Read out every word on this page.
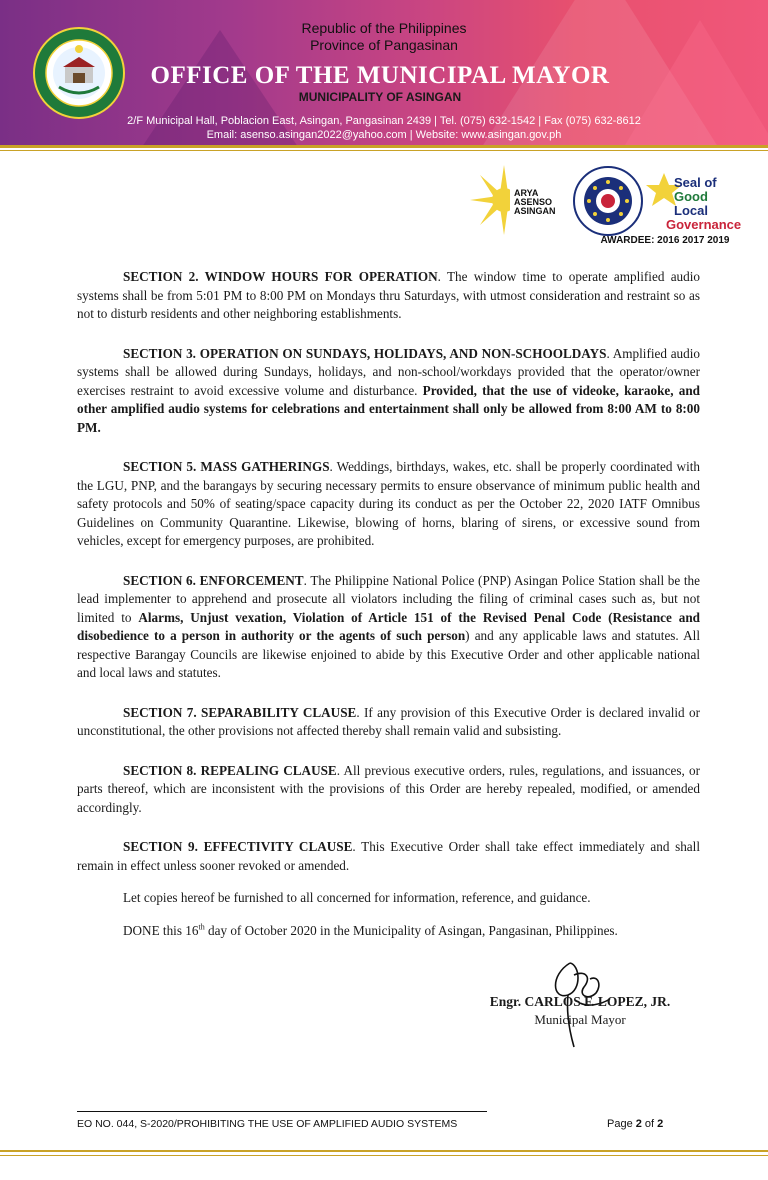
Republic of the Philippines
Province of Pangasinan
OFFICE OF THE MUNICIPAL MAYOR
MUNICIPALITY OF ASINGAN
2/F Municipal Hall, Poblacion East, Asingan, Pangasinan 2439 | Tel. (075) 632-1542 | Fax (075) 632-8612
Email: asenso.asingan2022@yahoo.com | Website: www.asingan.gov.ph
ARYA
ASENSO
ASINGAN
Seal of
Good
Local
Governance
AWARDEE: 2016 2017 2019

SECTION 2. WINDOW HOURS FOR OPERATION. The window time to operate amplified audio systems shall be from 5:01 PM to 8:00 PM on Mondays thru Saturdays, with utmost consideration and restraint so as not to disturb residents and other neighboring establishments.

SECTION 3. OPERATION ON SUNDAYS, HOLIDAYS, AND NON-SCHOOLDAYS. Amplified audio systems shall be allowed during Sundays, holidays, and non-school/workdays provided that the operator/owner exercises restraint to avoid excessive volume and disturbance. Provided, that the use of videoke, karaoke, and other amplified audio systems for celebrations and entertainment shall only be allowed from 8:00 AM to 8:00 PM.

SECTION 5. MASS GATHERINGS. Weddings, birthdays, wakes, etc. shall be properly coordinated with the LGU, PNP, and the barangays by securing necessary permits to ensure observance of minimum public health and safety protocols and 50% of seating/space capacity during its conduct as per the October 22, 2020 IATF Omnibus Guidelines on Community Quarantine. Likewise, blowing of horns, blaring of sirens, or excessive sound from vehicles, except for emergency purposes, are prohibited.

SECTION 6. ENFORCEMENT. The Philippine National Police (PNP) Asingan Police Station shall be the lead implementer to apprehend and prosecute all violators including the filing of criminal cases such as, but not limited to Alarms, Unjust vexation, Violation of Article 151 of the Revised Penal Code (Resistance and disobedience to a person in authority or the agents of such person) and any applicable laws and statutes. All respective Barangay Councils are likewise enjoined to abide by this Executive Order and other applicable national and local laws and statutes.

SECTION 7. SEPARABILITY CLAUSE. If any provision of this Executive Order is declared invalid or unconstitutional, the other provisions not affected thereby shall remain valid and subsisting.

SECTION 8. REPEALING CLAUSE. All previous executive orders, rules, regulations, and issuances, or parts thereof, which are inconsistent with the provisions of this Order are hereby repealed, modified, or amended accordingly.

SECTION 9. EFFECTIVITY CLAUSE. This Executive Order shall take effect immediately and shall remain in effect unless sooner revoked or amended.

Let copies hereof be furnished to all concerned for information, reference, and guidance.

DONE this 16th day of October 2020 in the Municipality of Asingan, Pangasinan, Philippines.

Engr. CARLOS F. LOPEZ, JR.
Municipal Mayor
EO NO. 044, S-2020/PROHIBITING THE USE OF AMPLIFIED AUDIO SYSTEMS	Page 2 of 2
